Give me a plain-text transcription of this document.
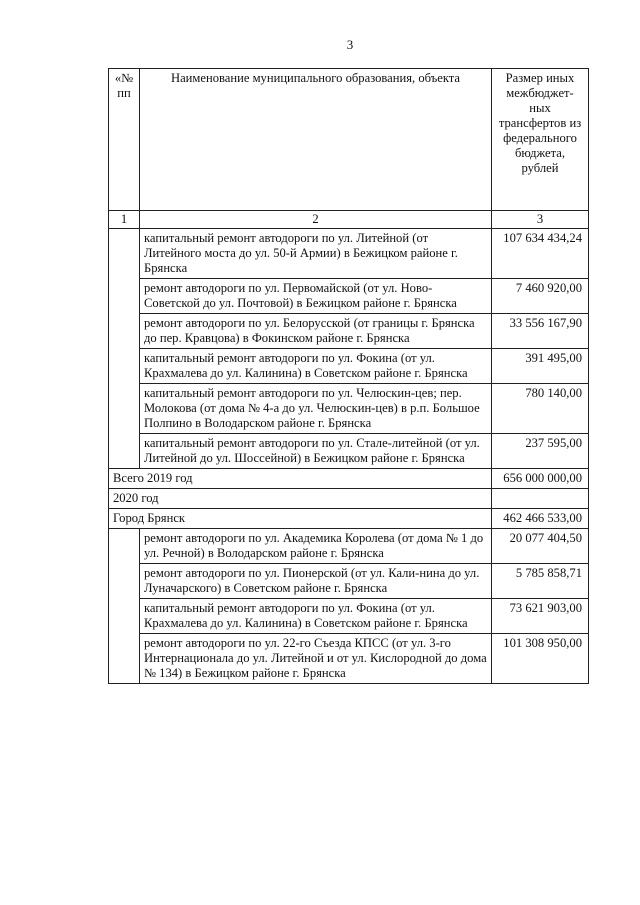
3
«№ пп	Наименование муниципального образования, объекта	Размер иных межбюджет-ных трансфертов из федерального бюджета, рублей
1	2	3
	капитальный ремонт автодороги по ул. Литейной (от Литейного моста до ул. 50-й Армии) в Бежицком районе г. Брянска	107 634 434,24
	ремонт автодороги по ул. Первомайской (от ул. Ново-Советской до ул. Почтовой) в Бежицком районе г. Брянска	7 460 920,00
	ремонт автодороги по ул. Белорусской (от границы г. Брянска до пер. Кравцова) в Фокинском районе г. Брянска	33 556 167,90
	капитальный ремонт автодороги по ул. Фокина (от ул. Крахмалева до ул. Калинина) в Советском районе г. Брянска	391 495,00
	капитальный ремонт автодороги по ул. Челюскин-цев; пер. Молокова (от дома № 4-а до ул. Челюскин-цев) в р.п. Большое Полпино в Володарском районе г. Брянска	780 140,00
	капитальный ремонт автодороги по ул. Стале-литейной (от ул. Литейной до ул. Шоссейной) в Бежицком районе г. Брянска	237 595,00
Всего 2019 год		656 000 000,00
2020 год		
Город Брянск		462 466 533,00
	ремонт автодороги по ул. Академика Королева (от дома № 1 до ул. Речной) в Володарском районе г. Брянска	20 077 404,50
	ремонт автодороги по ул. Пионерской (от ул. Кали-нина до ул. Луначарского) в Советском районе г. Брянска	5 785 858,71
	капитальный ремонт автодороги по ул. Фокина (от ул. Крахмалева до ул. Калинина) в Советском районе г. Брянска	73 621 903,00
	ремонт автодороги по ул. 22-го Съезда КПСС (от ул. 3-го Интернационала до ул. Литейной и от ул. Кислородной до дома № 134) в Бежицком районе г. Брянска	101 308 950,00
